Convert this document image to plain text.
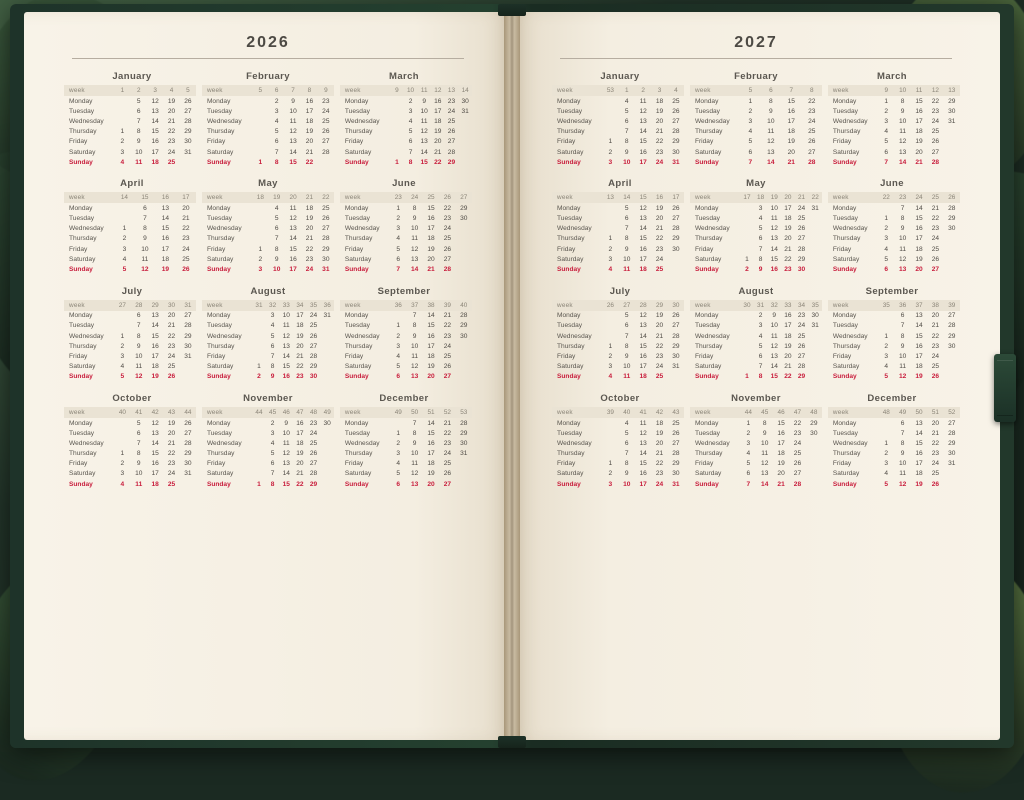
2026
January	February	March
week	1	2	3	4	5
Monday		5	12	19	26
Tuesday		6	13	20	27
Wednesday		7	14	21	28
Thursday	1	8	15	22	29
Friday	2	9	16	23	30
Saturday	3	10	17	24	31
Sunday	4	11	18	25	
week	5	6	7	8	9
Monday		2	9	16	23
Tuesday		3	10	17	24
Wednesday		4	11	18	25
Thursday		5	12	19	26
Friday		6	13	20	27
Saturday		7	14	21	28
Sunday	1	8	15	22	
week	9	10	11	12	13	14
Monday		2	9	16	23	30
Tuesday		3	10	17	24	31
Wednesday		4	11	18	25	
Thursday		5	12	19	26	
Friday		6	13	20	27	
Saturday		7	14	21	28	
Sunday	1	8	15	22	29	
April	May	June
week	14	15	16	17
Monday		6	13	20
Tuesday		7	14	21
Wednesday	1	8	15	22
Thursday	2	9	16	23
Friday	3	10	17	24
Saturday	4	11	18	25
Sunday	5	12	19	26
week	18	19	20	21	22
Monday		4	11	18	25
Tuesday		5	12	19	26
Wednesday		6	13	20	27
Thursday		7	14	21	28
Friday	1	8	15	22	29
Saturday	2	9	16	23	30
Sunday	3	10	17	24	31
week	23	24	25	26	27
Monday	1	8	15	22	29
Tuesday	2	9	16	23	30
Wednesday	3	10	17	24	
Thursday	4	11	18	25	
Friday	5	12	19	26	
Saturday	6	13	20	27	
Sunday	7	14	21	28	
July	August	September
week	27	28	29	30	31
Monday		6	13	20	27
Tuesday		7	14	21	28
Wednesday	1	8	15	22	29
Thursday	2	9	16	23	30
Friday	3	10	17	24	31
Saturday	4	11	18	25	
Sunday	5	12	19	26	
week	31	32	33	34	35	36
Monday		3	10	17	24	31
Tuesday		4	11	18	25	
Wednesday		5	12	19	26	
Thursday		6	13	20	27	
Friday		7	14	21	28	
Saturday	1	8	15	22	29	
Sunday	2	9	16	23	30	
week	36	37	38	39	40
Monday		7	14	21	28
Tuesday	1	8	15	22	29
Wednesday	2	9	16	23	30
Thursday	3	10	17	24	
Friday	4	11	18	25	
Saturday	5	12	19	26	
Sunday	6	13	20	27	
October	November	December
week	40	41	42	43	44
Monday		5	12	19	26
Tuesday		6	13	20	27
Wednesday		7	14	21	28
Thursday	1	8	15	22	29
Friday	2	9	16	23	30
Saturday	3	10	17	24	31
Sunday	4	11	18	25	
week	44	45	46	47	48	49
Monday		2	9	16	23	30
Tuesday		3	10	17	24	
Wednesday		4	11	18	25	
Thursday		5	12	19	26	
Friday		6	13	20	27	
Saturday		7	14	21	28	
Sunday	1	8	15	22	29	
week	49	50	51	52	53
Monday		7	14	21	28
Tuesday	1	8	15	22	29
Wednesday	2	9	16	23	30
Thursday	3	10	17	24	31
Friday	4	11	18	25	
Saturday	5	12	19	26	
Sunday	6	13	20	27	
2027
January	February	March
week	53	1	2	3	4
Monday		4	11	18	25
Tuesday		5	12	19	26
Wednesday		6	13	20	27
Thursday		7	14	21	28
Friday	1	8	15	22	29
Saturday	2	9	16	23	30
Sunday	3	10	17	24	31
week	5	6	7	8
Monday	1	8	15	22
Tuesday	2	9	16	23
Wednesday	3	10	17	24
Thursday	4	11	18	25
Friday	5	12	19	26
Saturday	6	13	20	27
Sunday	7	14	21	28
week	9	10	11	12	13
Monday	1	8	15	22	29
Tuesday	2	9	16	23	30
Wednesday	3	10	17	24	31
Thursday	4	11	18	25	
Friday	5	12	19	26	
Saturday	6	13	20	27	
Sunday	7	14	21	28	
April	May	June
week	13	14	15	16	17
Monday		5	12	19	26
Tuesday		6	13	20	27
Wednesday		7	14	21	28
Thursday	1	8	15	22	29
Friday	2	9	16	23	30
Saturday	3	10	17	24	
Sunday	4	11	18	25	
week	17	18	19	20	21	22
Monday		3	10	17	24	31
Tuesday		4	11	18	25	
Wednesday		5	12	19	26	
Thursday		6	13	20	27	
Friday		7	14	21	28	
Saturday	1	8	15	22	29	
Sunday	2	9	16	23	30	
week	22	23	24	25	26
Monday		7	14	21	28
Tuesday	1	8	15	22	29
Wednesday	2	9	16	23	30
Thursday	3	10	17	24	
Friday	4	11	18	25	
Saturday	5	12	19	26	
Sunday	6	13	20	27	
July	August	September
week	26	27	28	29	30
Monday		5	12	19	26
Tuesday		6	13	20	27
Wednesday		7	14	21	28
Thursday	1	8	15	22	29
Friday	2	9	16	23	30
Saturday	3	10	17	24	31
Sunday	4	11	18	25	
week	30	31	32	33	34	35
Monday		2	9	16	23	30
Tuesday		3	10	17	24	31
Wednesday		4	11	18	25	
Thursday		5	12	19	26	
Friday		6	13	20	27	
Saturday		7	14	21	28	
Sunday	1	8	15	22	29	
week	35	36	37	38	39
Monday		6	13	20	27
Tuesday		7	14	21	28
Wednesday	1	8	15	22	29
Thursday	2	9	16	23	30
Friday	3	10	17	24	
Saturday	4	11	18	25	
Sunday	5	12	19	26	
October	November	December
week	39	40	41	42	43
Monday		4	11	18	25
Tuesday		5	12	19	26
Wednesday		6	13	20	27
Thursday		7	14	21	28
Friday	1	8	15	22	29
Saturday	2	9	16	23	30
Sunday	3	10	17	24	31
week	44	45	46	47	48
Monday	1	8	15	22	29
Tuesday	2	9	16	23	30
Wednesday	3	10	17	24	
Thursday	4	11	18	25	
Friday	5	12	19	26	
Saturday	6	13	20	27	
Sunday	7	14	21	28	
week	48	49	50	51	52
Monday		6	13	20	27
Tuesday		7	14	21	28
Wednesday	1	8	15	22	29
Thursday	2	9	16	23	30
Friday	3	10	17	24	31
Saturday	4	11	18	25	
Sunday	5	12	19	26	
